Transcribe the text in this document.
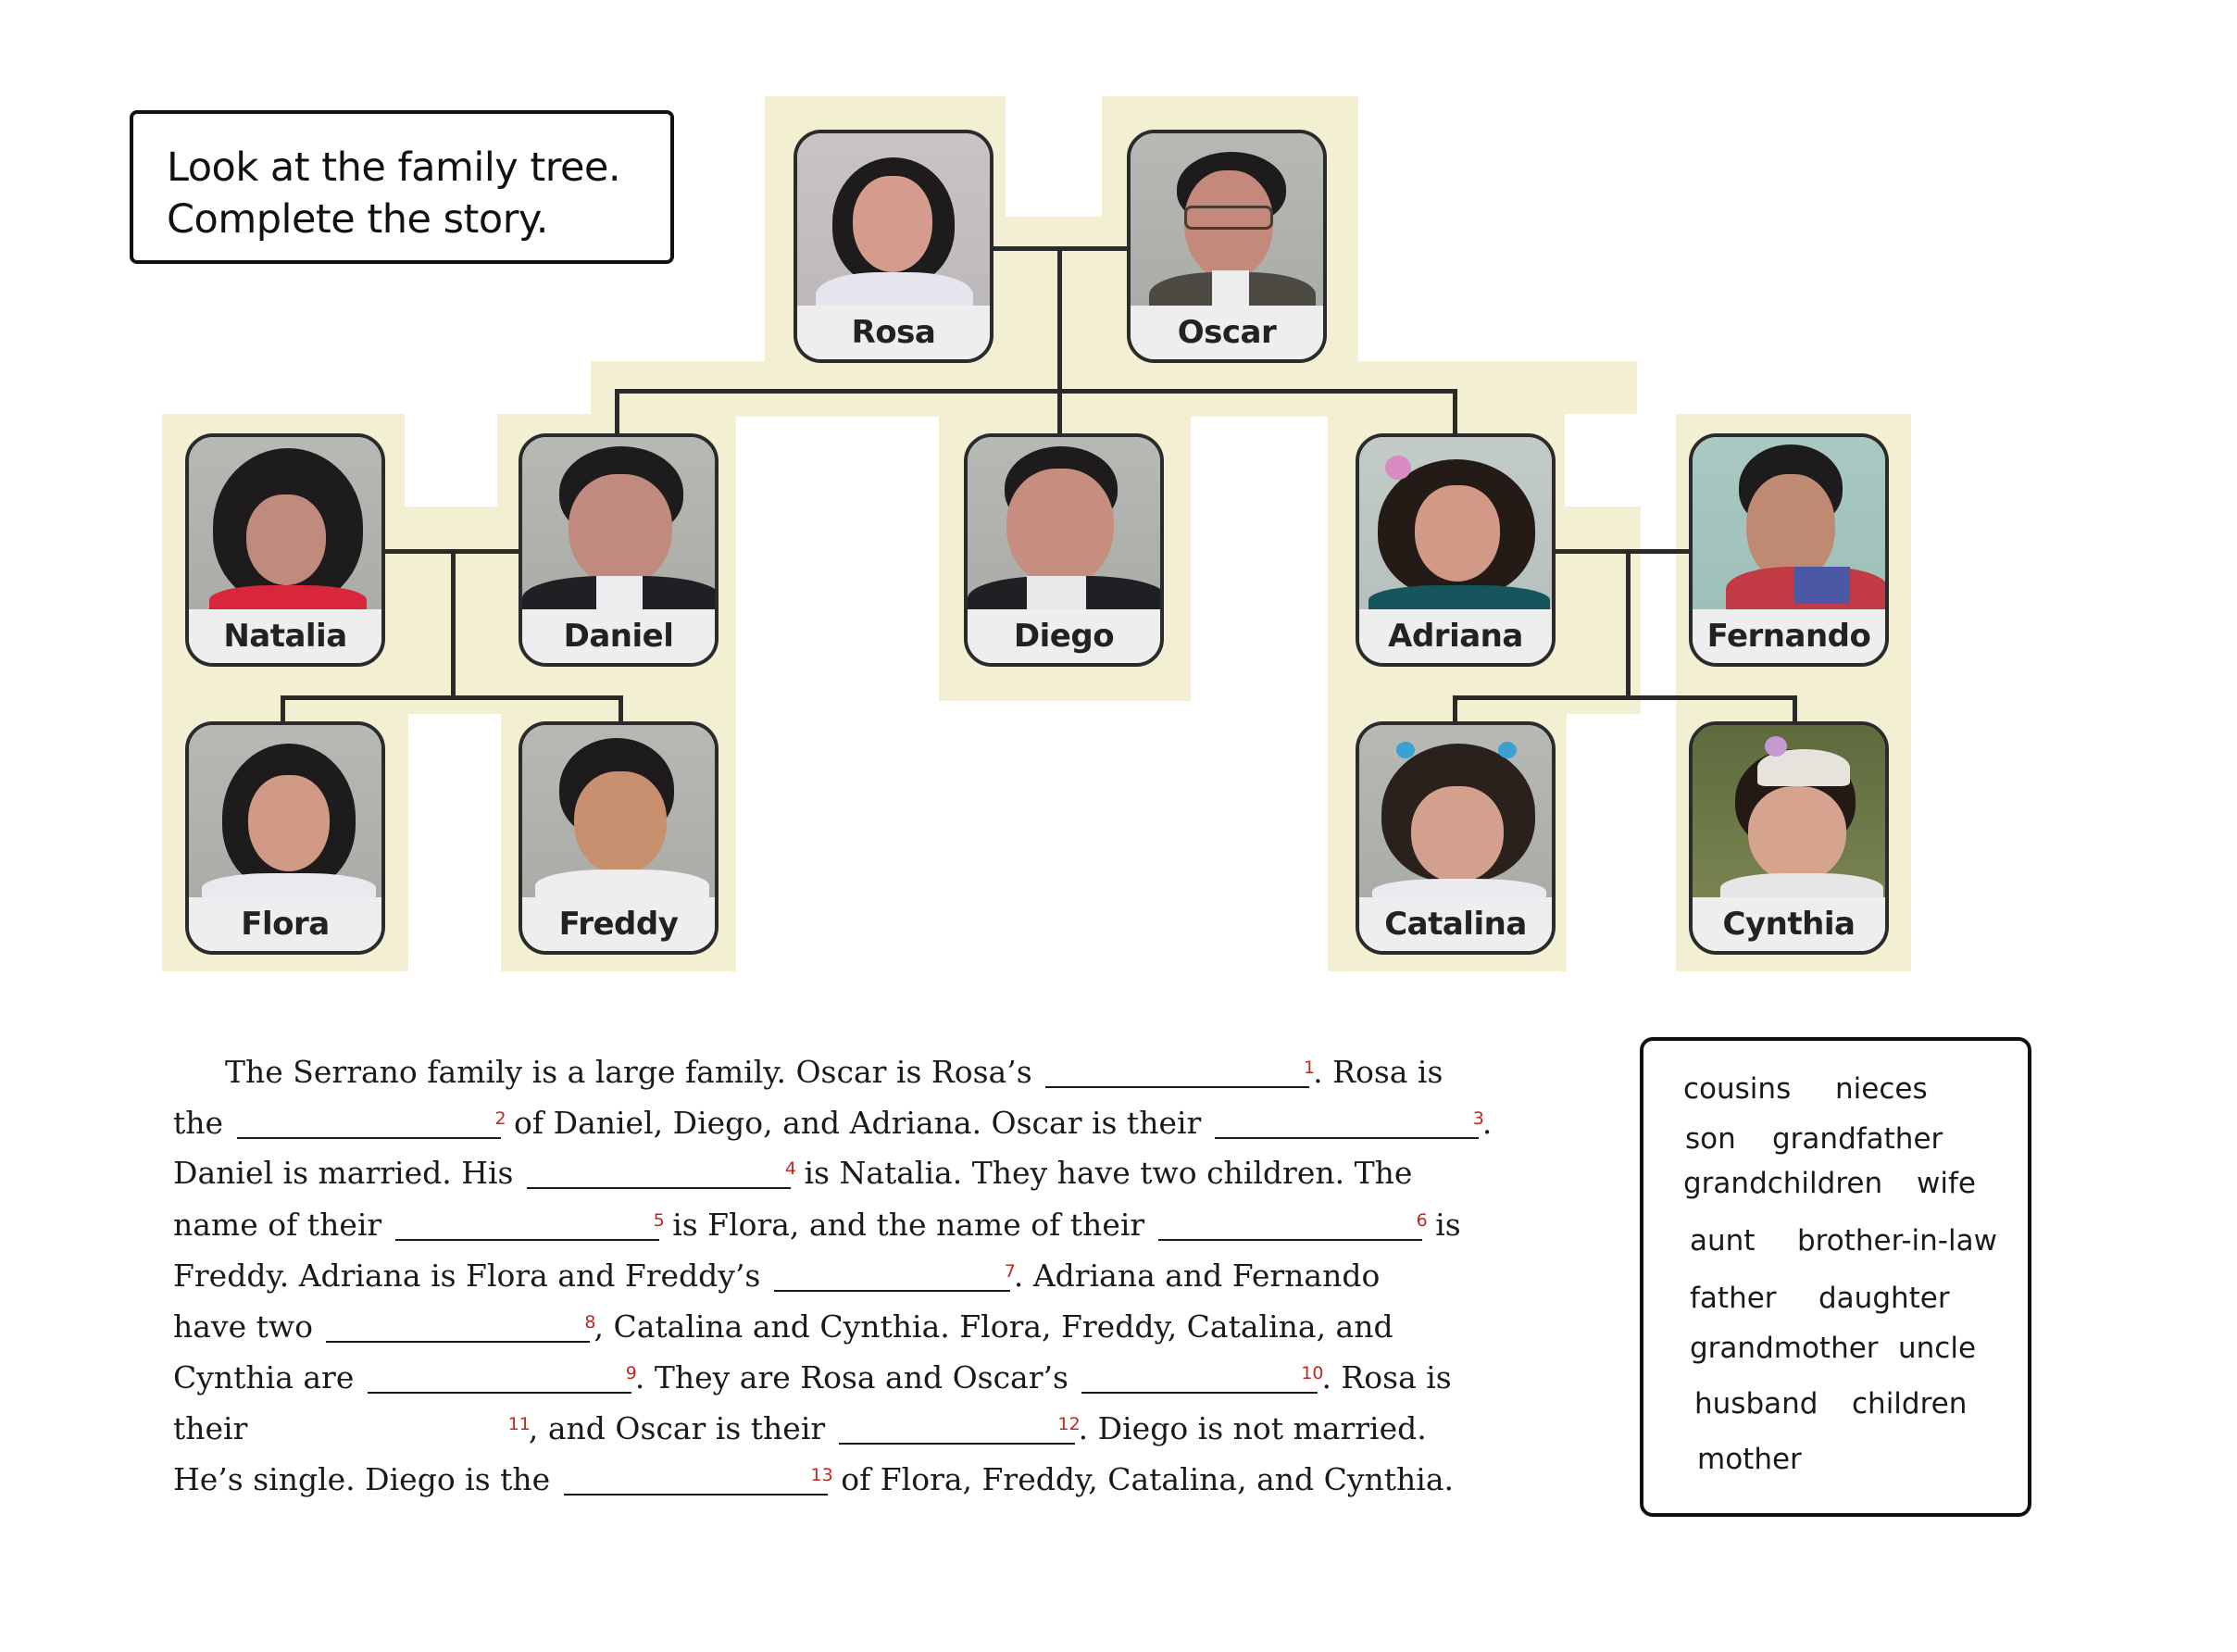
Look at the family tree.
Complete the story.
Rosa	Oscar
Natalia	Daniel	Diego	Adriana	Fernando
Flora	Freddy	Catalina	Cynthia
The Serrano family is a large family. Oscar is Rosa’s	1
. Rosa is
the	2 of Daniel, Diego, and Adriana. Oscar is their	3
.
Daniel is married. His	4 is Natalia. They have two children. The
name of their	5 is Flora, and the name of their	6 is
Freddy. Adriana is Flora and Freddy’s	7
. Adriana and Fernando
have two	8
, Catalina and Cynthia. Flora, Freddy, Catalina, and
Cynthia are	9
. They are Rosa and Oscar’s	10
. Rosa is
their	11
, and Oscar is their	12
. Diego is not married.
He’s single. Diego is the	13 of Flora, Freddy, Catalina, and Cynthia.
cousins nieces
son grandfather
grandchildren wife
aunt brother-in-law
father daughter
grandmother uncle
husband children
mother
